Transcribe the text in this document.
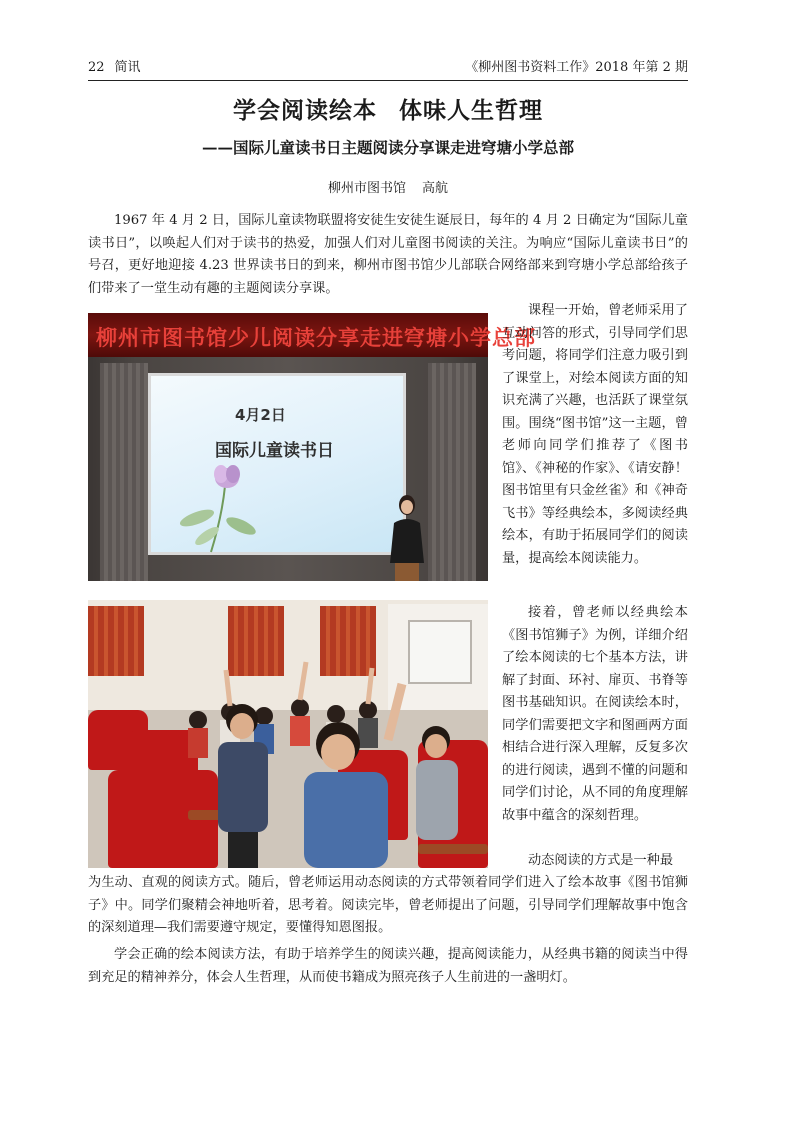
22 简讯	《柳州图书资料工作》2018 年第 2 期
学会阅读绘本 体味人生哲理
——国际儿童读书日主题阅读分享课走进穹塘小学总部
柳州市图书馆 高航

1967 年 4 月 2 日，国际儿童读物联盟将安徒生安徒生诞辰日，每年的 4 月 2 日确定为“国际儿童读书日”，以唤起人们对于读书的热爱，加强人们对儿童图书阅读的关注。为响应“国际儿童读书日”的号召，更好地迎接 4.23 世界读书日的到来，柳州市图书馆少儿部联合网络部来到穹塘小学总部给孩子们带来了一堂生动有趣的主题阅读分享课。

柳州市图书馆少儿阅读分享走进穹塘小学总部
4月2日
国际儿童读书日

课程一开始，曾老师采用了互动问答的形式，引导同学们思考问题，将同学们注意力吸引到了课堂上，对绘本阅读方面的知识充满了兴趣，也活跃了课堂氛围。围绕“图书馆”这一主题，曾老师向同学们推荐了《图书馆》、《神秘的作家》、《请安静！图书馆里有只金丝雀》和《神奇飞书》等经典绘本，多阅读经典绘本，有助于拓展同学们的阅读量，提高绘本阅读能力。

接着，曾老师以经典绘本《图书馆狮子》为例，详细介绍了绘本阅读的七个基本方法，讲解了封面、环衬、扉页、书脊等图书基础知识。在阅读绘本时，同学们需要把文字和图画两方面相结合进行深入理解，反复多次的进行阅读，遇到不懂的问题和同学们讨论，从不同的角度理解故事中蕴含的深刻哲理。

动态阅读的方式是一种最

为生动、直观的阅读方式。随后，曾老师运用动态阅读的方式带领着同学们进入了绘本故事《图书馆狮子》中。同学们聚精会神地听着，思考着。阅读完毕，曾老师提出了问题，引导同学们理解故事中饱含的深刻道理—我们需要遵守规定，要懂得知恩图报。

学会正确的绘本阅读方法，有助于培养学生的阅读兴趣，提高阅读能力，从经典书籍的阅读当中得到充足的精神养分，体会人生哲理，从而使书籍成为照亮孩子人生前进的一盏明灯。
